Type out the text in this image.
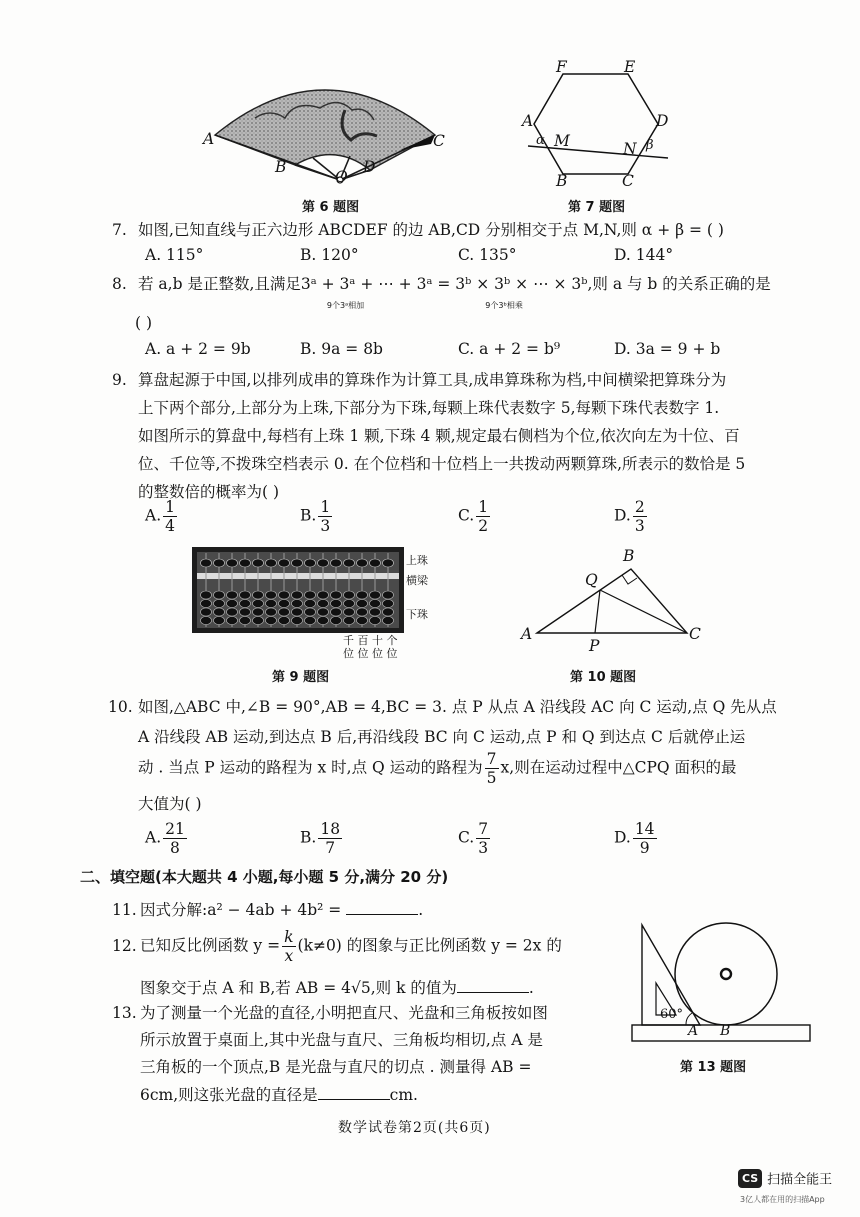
A
B
O
D
C
第 6 题图
F	E
A	D
α M	N β
B	C
第 7 题图
7. 如图,已知直线与正六边形 ABCDEF 的边 AB,CD 分别相交于点 M,N,则 α + β = ( )
A. 115°	B. 120°	C. 135°	D. 144°
8. 若 a,b 是正整数,且满足3ᵃ + 3ᵃ + ⋯ + 3ᵃ
9个3ᵃ相加
= 3ᵇ × 3ᵇ × ⋯ × 3ᵇ
9个3ᵇ相乘
,则 a 与 b 的关系正确的是
( )
A. a + 2 = 9b	B. 9a = 8b	C. a + 2 = b⁹	D. 3a = 9 + b
9. 算盘起源于中国,以排列成串的算珠作为计算工具,成串算珠称为档,中间横梁把算珠分为
上下两个部分,上部分为上珠,下部分为下珠,每颗上珠代表数字 5,每颗下珠代表数字 1.
如图所示的算盘中,每档有上珠 1 颗,下珠 4 颗,规定最右侧档为个位,依次向左为十位、百
位、千位等,不拨珠空档表示 0. 在个位档和十位档上一共拨动两颗算珠,所表示的数恰是 5
的整数倍的概率为( )
A. $\frac{1}{4}$	B. $\frac{1}{3}$	C. $\frac{1}{2}$	D. $\frac{2}{3}$
上珠
横梁
下珠
千 百 十 个
位 位 位 位
第 9 题图
B
Q
A
P
C
第 10 题图
10. 如图,△ABC 中,∠B = 90°,AB = 4,BC = 3. 点 P 从点 A 沿线段 AC 向 C 运动,点 Q 先从点
A 沿线段 AB 运动,到达点 B 后,再沿线段 BC 向 C 运动,点 P 和 Q 到达点 C 后就停止运
动 . 当点 P 运动的路程为 x 时,点 Q 运动的路程为 $\frac{7}{5} x$,则在运动过程中△CPQ 面积的最
大值为( )
A. $\frac{21}{8}$	B. $\frac{18}{7}$	C. $\frac{7}{3}$	D. $\frac{14}{9}$
二、填空题(本大题共 4 小题,每小题 5 分,满分 20 分)
11. 因式分解:a² − 4ab + 4b² =	.
12. 已知反比例函数 $y = \frac{k}{x} (k\ne 0)$ 的图象与正比例函数 y = 2x 的
图象交于点 A 和 B,若 AB = 4√5,则 k 的值为	.
13. 为了测量一个光盘的直径,小明把直尺、光盘和三角板按如图
所示放置于桌面上,其中光盘与直尺、三角板均相切,点 A 是
三角板的一个顶点,B 是光盘与直尺的切点 . 测量得 AB =
6cm,则这张光盘的直径是	cm.
60°
A B
第 13 题图
数学试卷第2页(共6页)
CS 扫描全能王
3亿人都在用的扫描App
